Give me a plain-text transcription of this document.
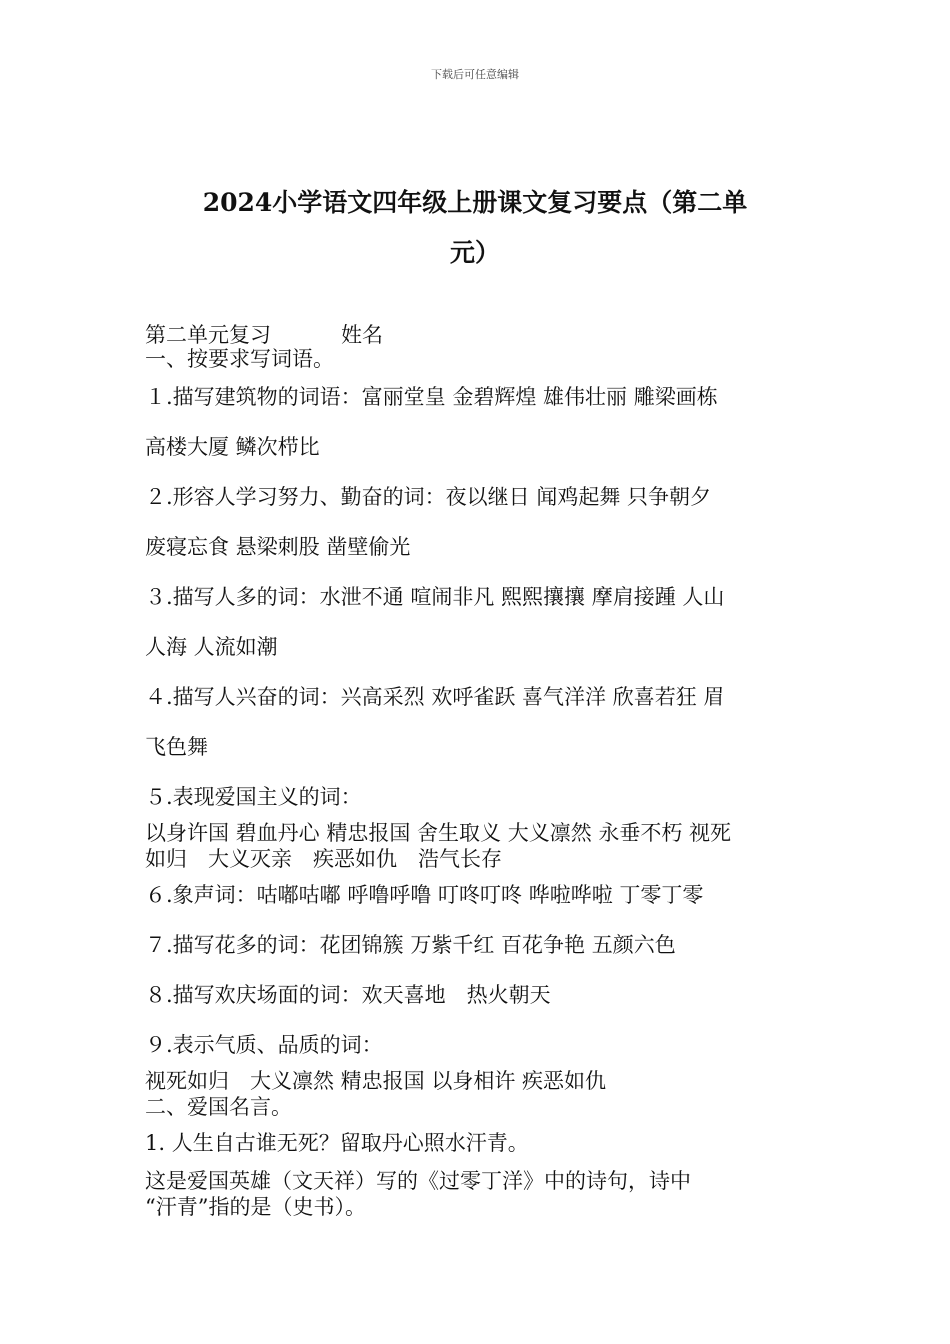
下载后可任意编辑
2024小学语文四年级上册课文复习要点（第二单
元）
第二单元复习	姓名
一、按要求写词语。
１.描写建筑物的词语：富丽堂皇 金碧辉煌 雄伟壮丽 雕梁画栋
高楼大厦 鳞次栉比
２.形容人学习努力、勤奋的词：夜以继日 闻鸡起舞 只争朝夕
废寝忘食 悬梁刺股 凿壁偷光
３.描写人多的词：水泄不通 喧闹非凡 熙熙攘攘 摩肩接踵 人山
人海 人流如潮
４.描写人兴奋的词：兴高采烈 欢呼雀跃 喜气洋洋 欣喜若狂 眉
飞色舞
５.表现爱国主义的词：
以身许国 碧血丹心 精忠报国 舍生取义 大义凛然 永垂不朽 视死
如归　大义灭亲　疾恶如仇　浩气长存
６.象声词：咕嘟咕嘟 呼噜呼噜 叮咚叮咚 哗啦哗啦 丁零丁零
７.描写花多的词：花团锦簇 万紫千红 百花争艳 五颜六色
８.描写欢庆场面的词：欢天喜地　热火朝天
９.表示气质、品质的词：
视死如归　大义凛然 精忠报国 以身相许 疾恶如仇
二、爱国名言。
1. 人生自古谁无死？留取丹心照水汗青。
这是爱国英雄（文天祥）写的《过零丁洋》中的诗句，诗中
“汗青”指的是（史书）。
